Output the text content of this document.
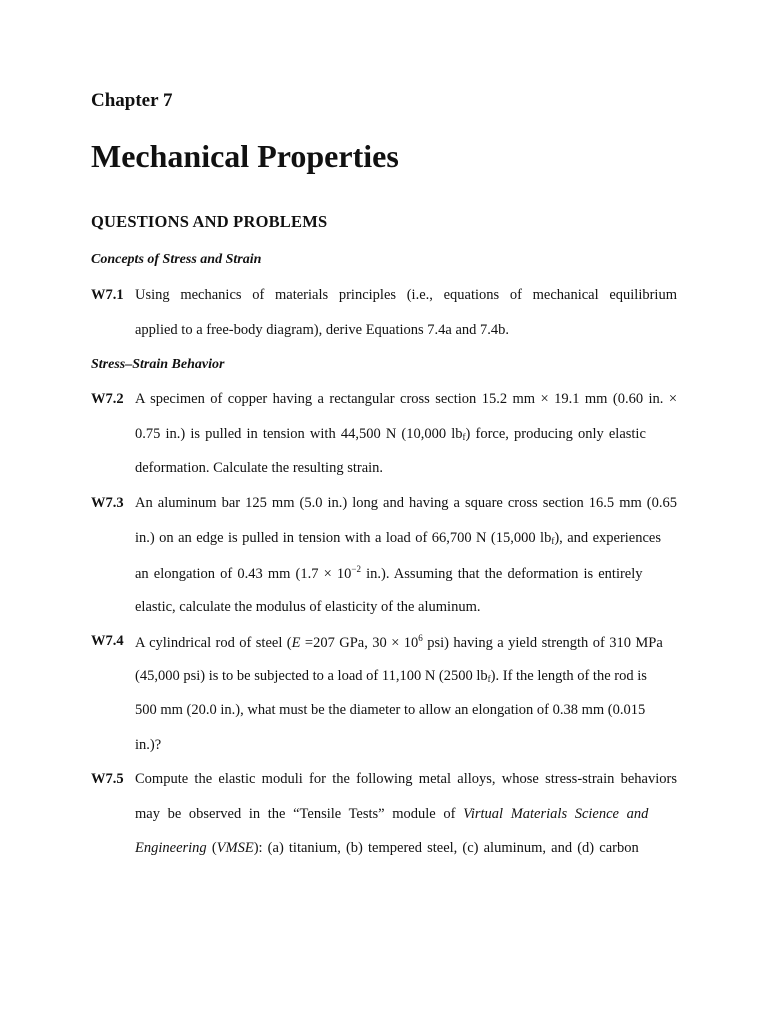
Chapter 7
Mechanical Properties
QUESTIONS AND PROBLEMS
Concepts of Stress and Strain
W7.1 Using mechanics of materials principles (i.e., equations of mechanical equilibrium
applied to a free-body diagram), derive Equations 7.4a and 7.4b.
Stress–Strain Behavior
W7.2 A specimen of copper having a rectangular cross section 15.2 mm × 19.1 mm (0.60 in. ×
0.75 in.) is pulled in tension with 44,500 N (10,000 $lb_f$) force, producing only elastic
deformation. Calculate the resulting strain.
W7.3 An aluminum bar 125 mm (5.0 in.) long and having a square cross section 16.5 mm (0.65
in.) on an edge is pulled in tension with a load of 66,700 N (15,000 $lb_f$), and experiences
an elongation of 0.43 mm ($1.7 \times 10^{-2}$ in.). Assuming that the deformation is entirely
elastic, calculate the modulus of elasticity of the aluminum.
W7.4 A cylindrical rod of steel (E =207 GPa, $30 \times 10^6$ psi) having a yield strength of 310 MPa
(45,000 psi) is to be subjected to a load of 11,100 N (2500 $lb_f$). If the length of the rod is
500 mm (20.0 in.), what must be the diameter to allow an elongation of 0.38 mm (0.015
in.)?
W7.5 Compute the elastic moduli for the following metal alloys, whose stress-strain behaviors
may be observed in the “Tensile Tests” module of Virtual Materials Science and
Engineering (VMSE): (a) titanium, (b) tempered steel, (c) aluminum, and (d) carbon
